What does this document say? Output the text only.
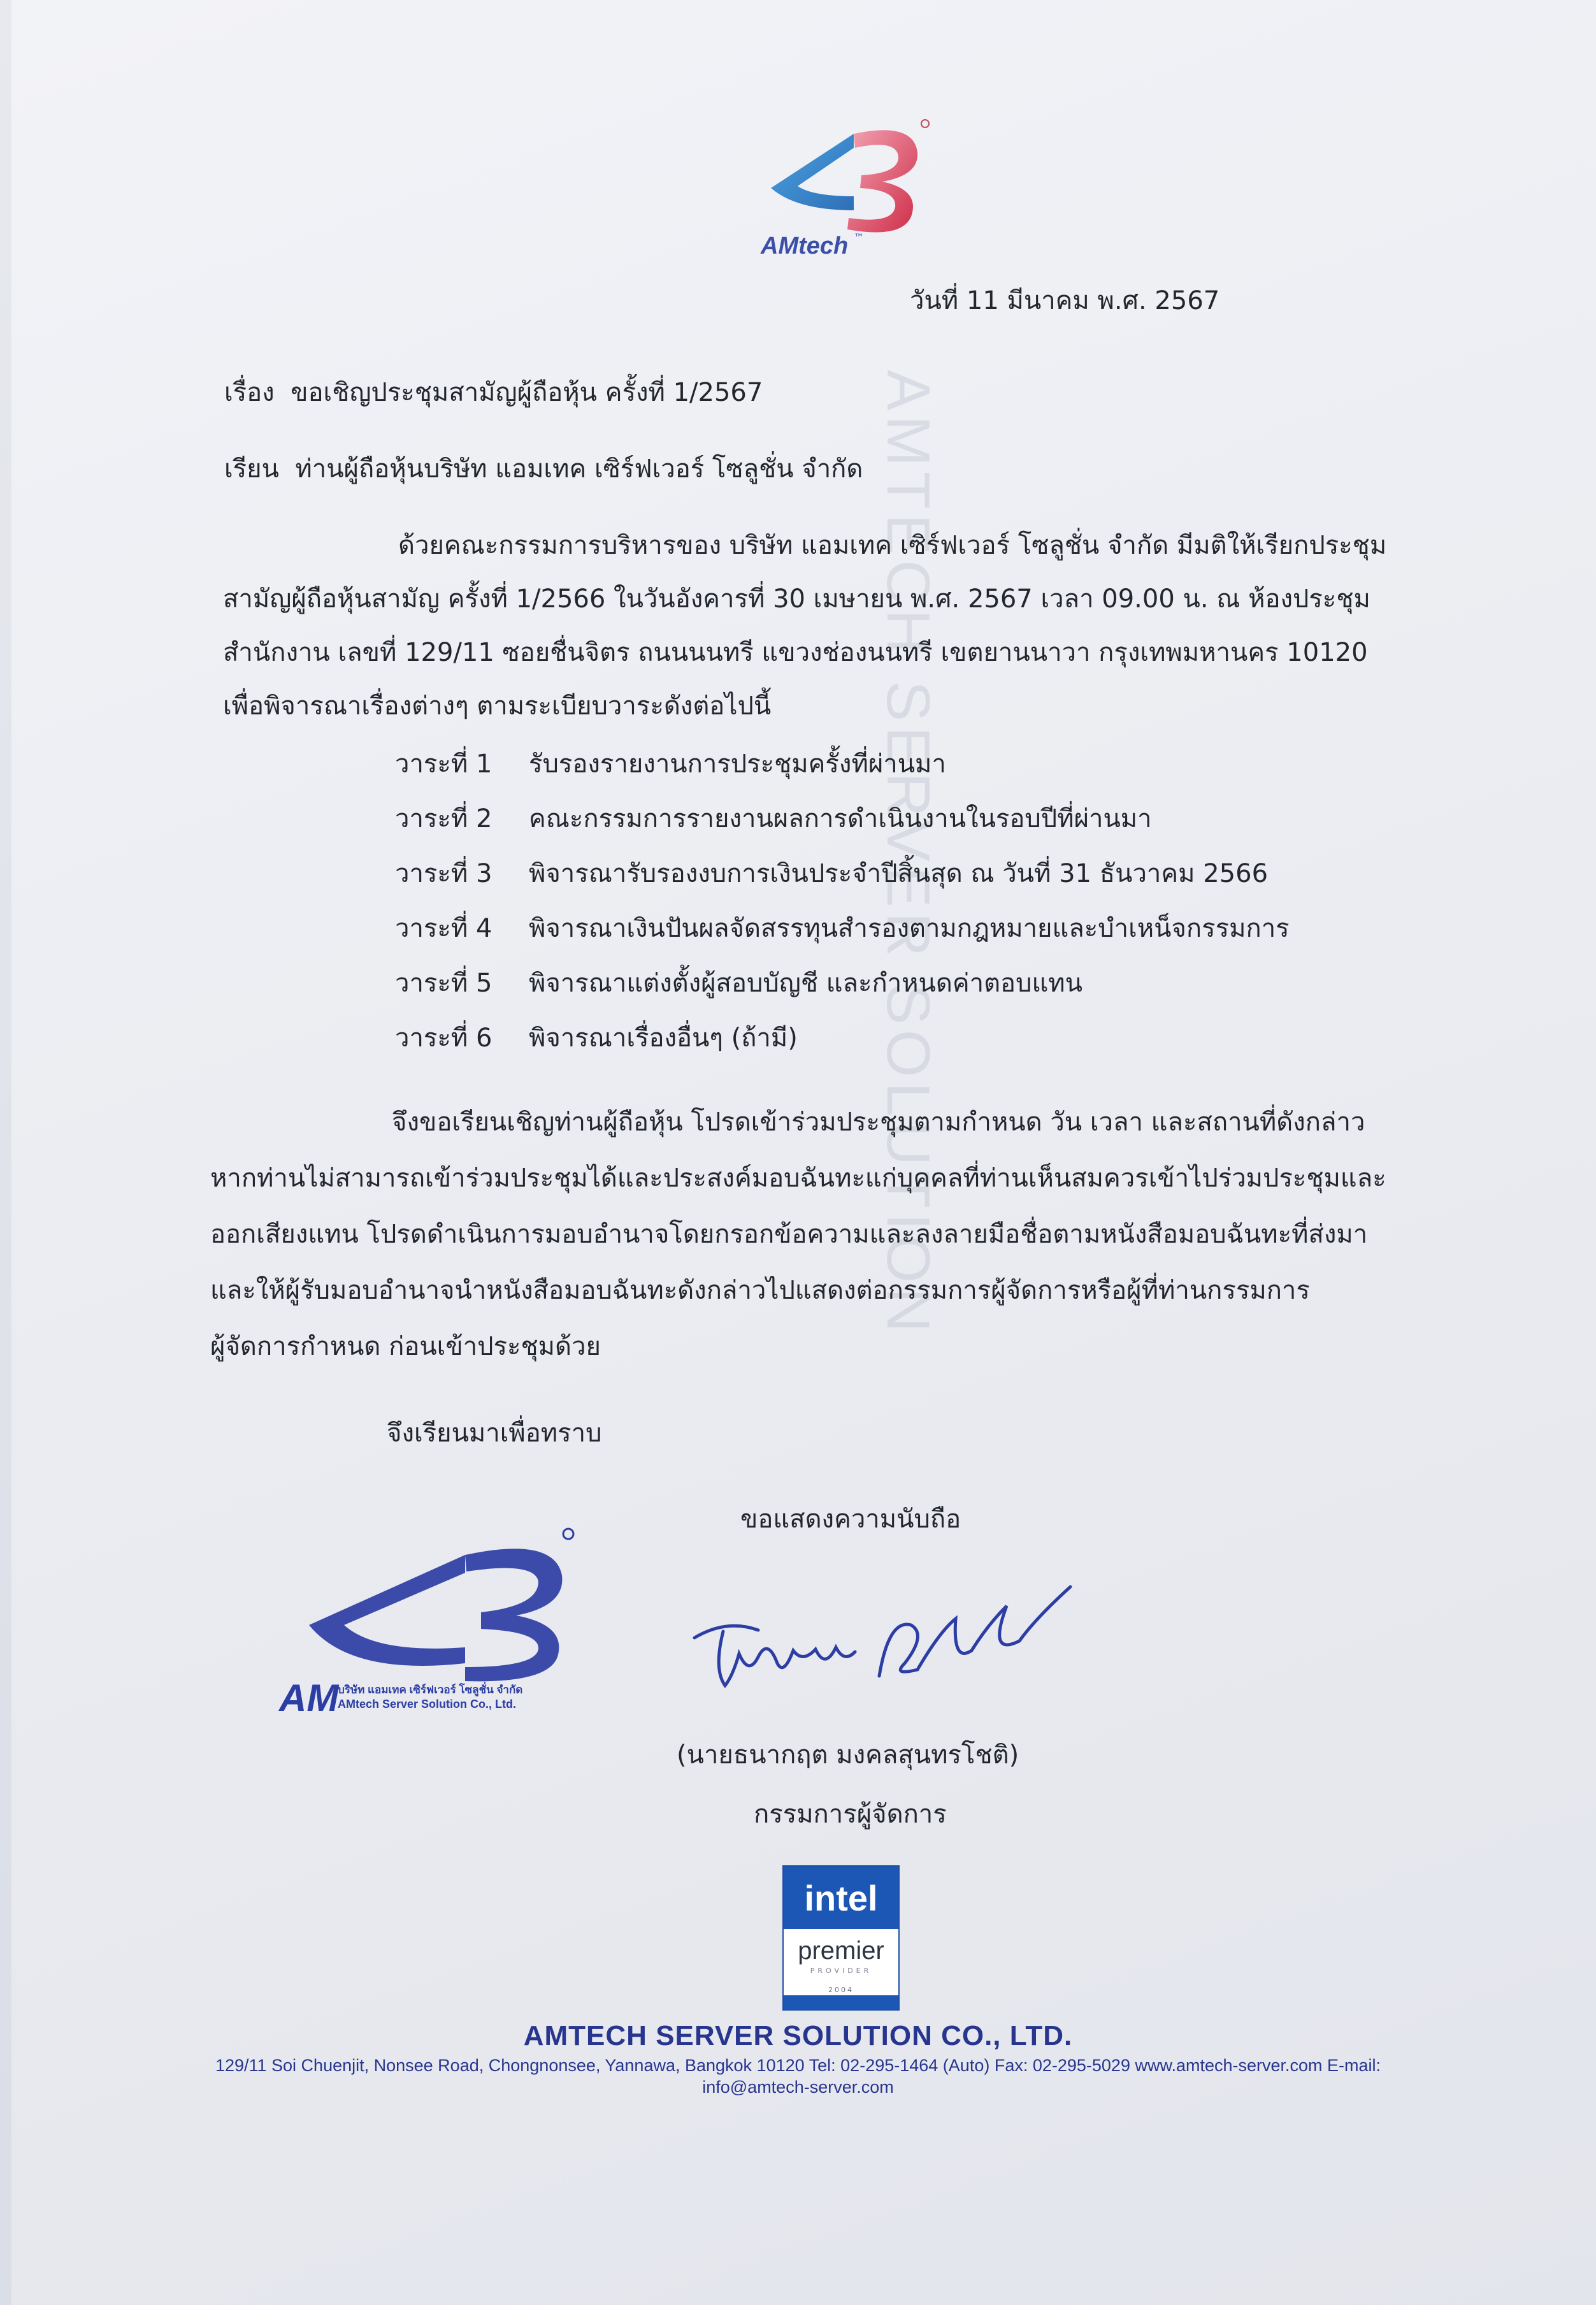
AMTECH SERVER SOLUTION
AMtech ™
วันที่ 11 มีนาคม พ.ศ. 2567
เรื่อง ขอเชิญประชุมสามัญผู้ถือหุ้น ครั้งที่ 1/2567
เรียน ท่านผู้ถือหุ้นบริษัท แอมเทค เซิร์ฟเวอร์ โซลูชั่น จำกัด
ด้วยคณะกรรมการบริหารของ บริษัท แอมเทค เซิร์ฟเวอร์ โซลูชั่น จำกัด มีมติให้เรียกประชุม
สามัญผู้ถือหุ้นสามัญ ครั้งที่ 1/2566 ในวันอังคารที่ 30 เมษายน พ.ศ. 2567 เวลา 09.00 น. ณ ห้องประชุม
สำนักงาน เลขที่ 129/11 ซอยชื่นจิตร ถนนนนทรี แขวงช่องนนทรี เขตยานนาวา กรุงเทพมหานคร 10120
เพื่อพิจารณาเรื่องต่างๆ ตามระเบียบวาระดังต่อไปนี้
วาระที่ 1 รับรองรายงานการประชุมครั้งที่ผ่านมา
วาระที่ 2 คณะกรรมการรายงานผลการดำเนินงานในรอบปีที่ผ่านมา
วาระที่ 3 พิจารณารับรองงบการเงินประจำปีสิ้นสุด ณ วันที่ 31 ธันวาคม 2566
วาระที่ 4 พิจารณาเงินปันผลจัดสรรทุนสำรองตามกฎหมายและบำเหน็จกรรมการ
วาระที่ 5 พิจารณาแต่งตั้งผู้สอบบัญชี และกำหนดค่าตอบแทน
วาระที่ 6 พิจารณาเรื่องอื่นๆ (ถ้ามี)
จึงขอเรียนเชิญท่านผู้ถือหุ้น โปรดเข้าร่วมประชุมตามกำหนด วัน เวลา และสถานที่ดังกล่าว
หากท่านไม่สามารถเข้าร่วมประชุมได้และประสงค์มอบฉันทะแก่บุคคลที่ท่านเห็นสมควรเข้าไปร่วมประชุมและ
ออกเสียงแทน โปรดดำเนินการมอบอำนาจโดยกรอกข้อความและลงลายมือชื่อตามหนังสือมอบฉันทะที่ส่งมา
และให้ผู้รับมอบอำนาจนำหนังสือมอบฉันทะดังกล่าวไปแสดงต่อกรรมการผู้จัดการหรือผู้ที่ท่านกรรมการ
ผู้จัดการกำหนด ก่อนเข้าประชุมด้วย
จึงเรียนมาเพื่อทราบ
ขอแสดงความนับถือ
AM
บริษัท แอมเทค เซิร์ฟเวอร์ โซลูชั่น จำกัด
AMtech Server Solution Co., Ltd.
(นายธนากฤต มงคลสุนทรโชติ)
กรรมการผู้จัดการ
intel
premier
PROVIDER
2004
AMTECH SERVER SOLUTION CO., LTD.
129/11 Soi Chuenjit, Nonsee Road, Chongnonsee, Yannawa, Bangkok 10120 Tel: 02-295-1464 (Auto) Fax: 02-295-5029 www.amtech-server.com E-mail:
info@amtech-server.com
